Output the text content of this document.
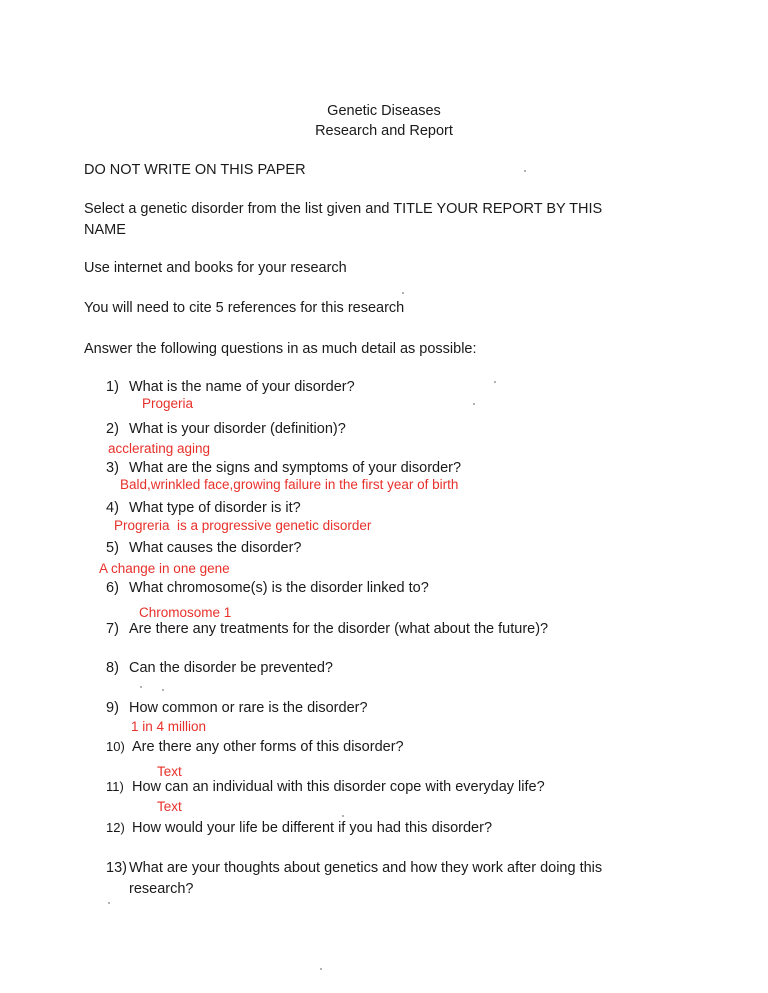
Genetic Diseases
Research and Report
DO NOT WRITE ON THIS PAPER
Select a genetic disorder from the list given and TITLE YOUR REPORT BY THIS NAME
Use internet and books for your research
You will need to cite 5 references for this research
Answer the following questions in as much detail as possible:
1) What is the name of your disorder?
Progeria
2) What is your disorder (definition)?
acclerating aging
3) What are the signs and symptoms of your disorder?
Bald,wrinkled face,growing failure in the first year of birth
4) What type of disorder is it?
Progreria  is a progressive genetic disorder
5) What causes the disorder?
A change in one gene
6) What chromosome(s) is the disorder linked to?
Chromosome 1
7) Are there any treatments for the disorder (what about the future)?
8) Can the disorder be prevented?
9) How common or rare is the disorder?
1 in 4 million
10) Are there any other forms of this disorder?
Text
11) How can an individual with this disorder cope with everyday life?
Text
12) How would your life be different if you had this disorder?
13) What are your thoughts about genetics and how they work after doing this
research?
